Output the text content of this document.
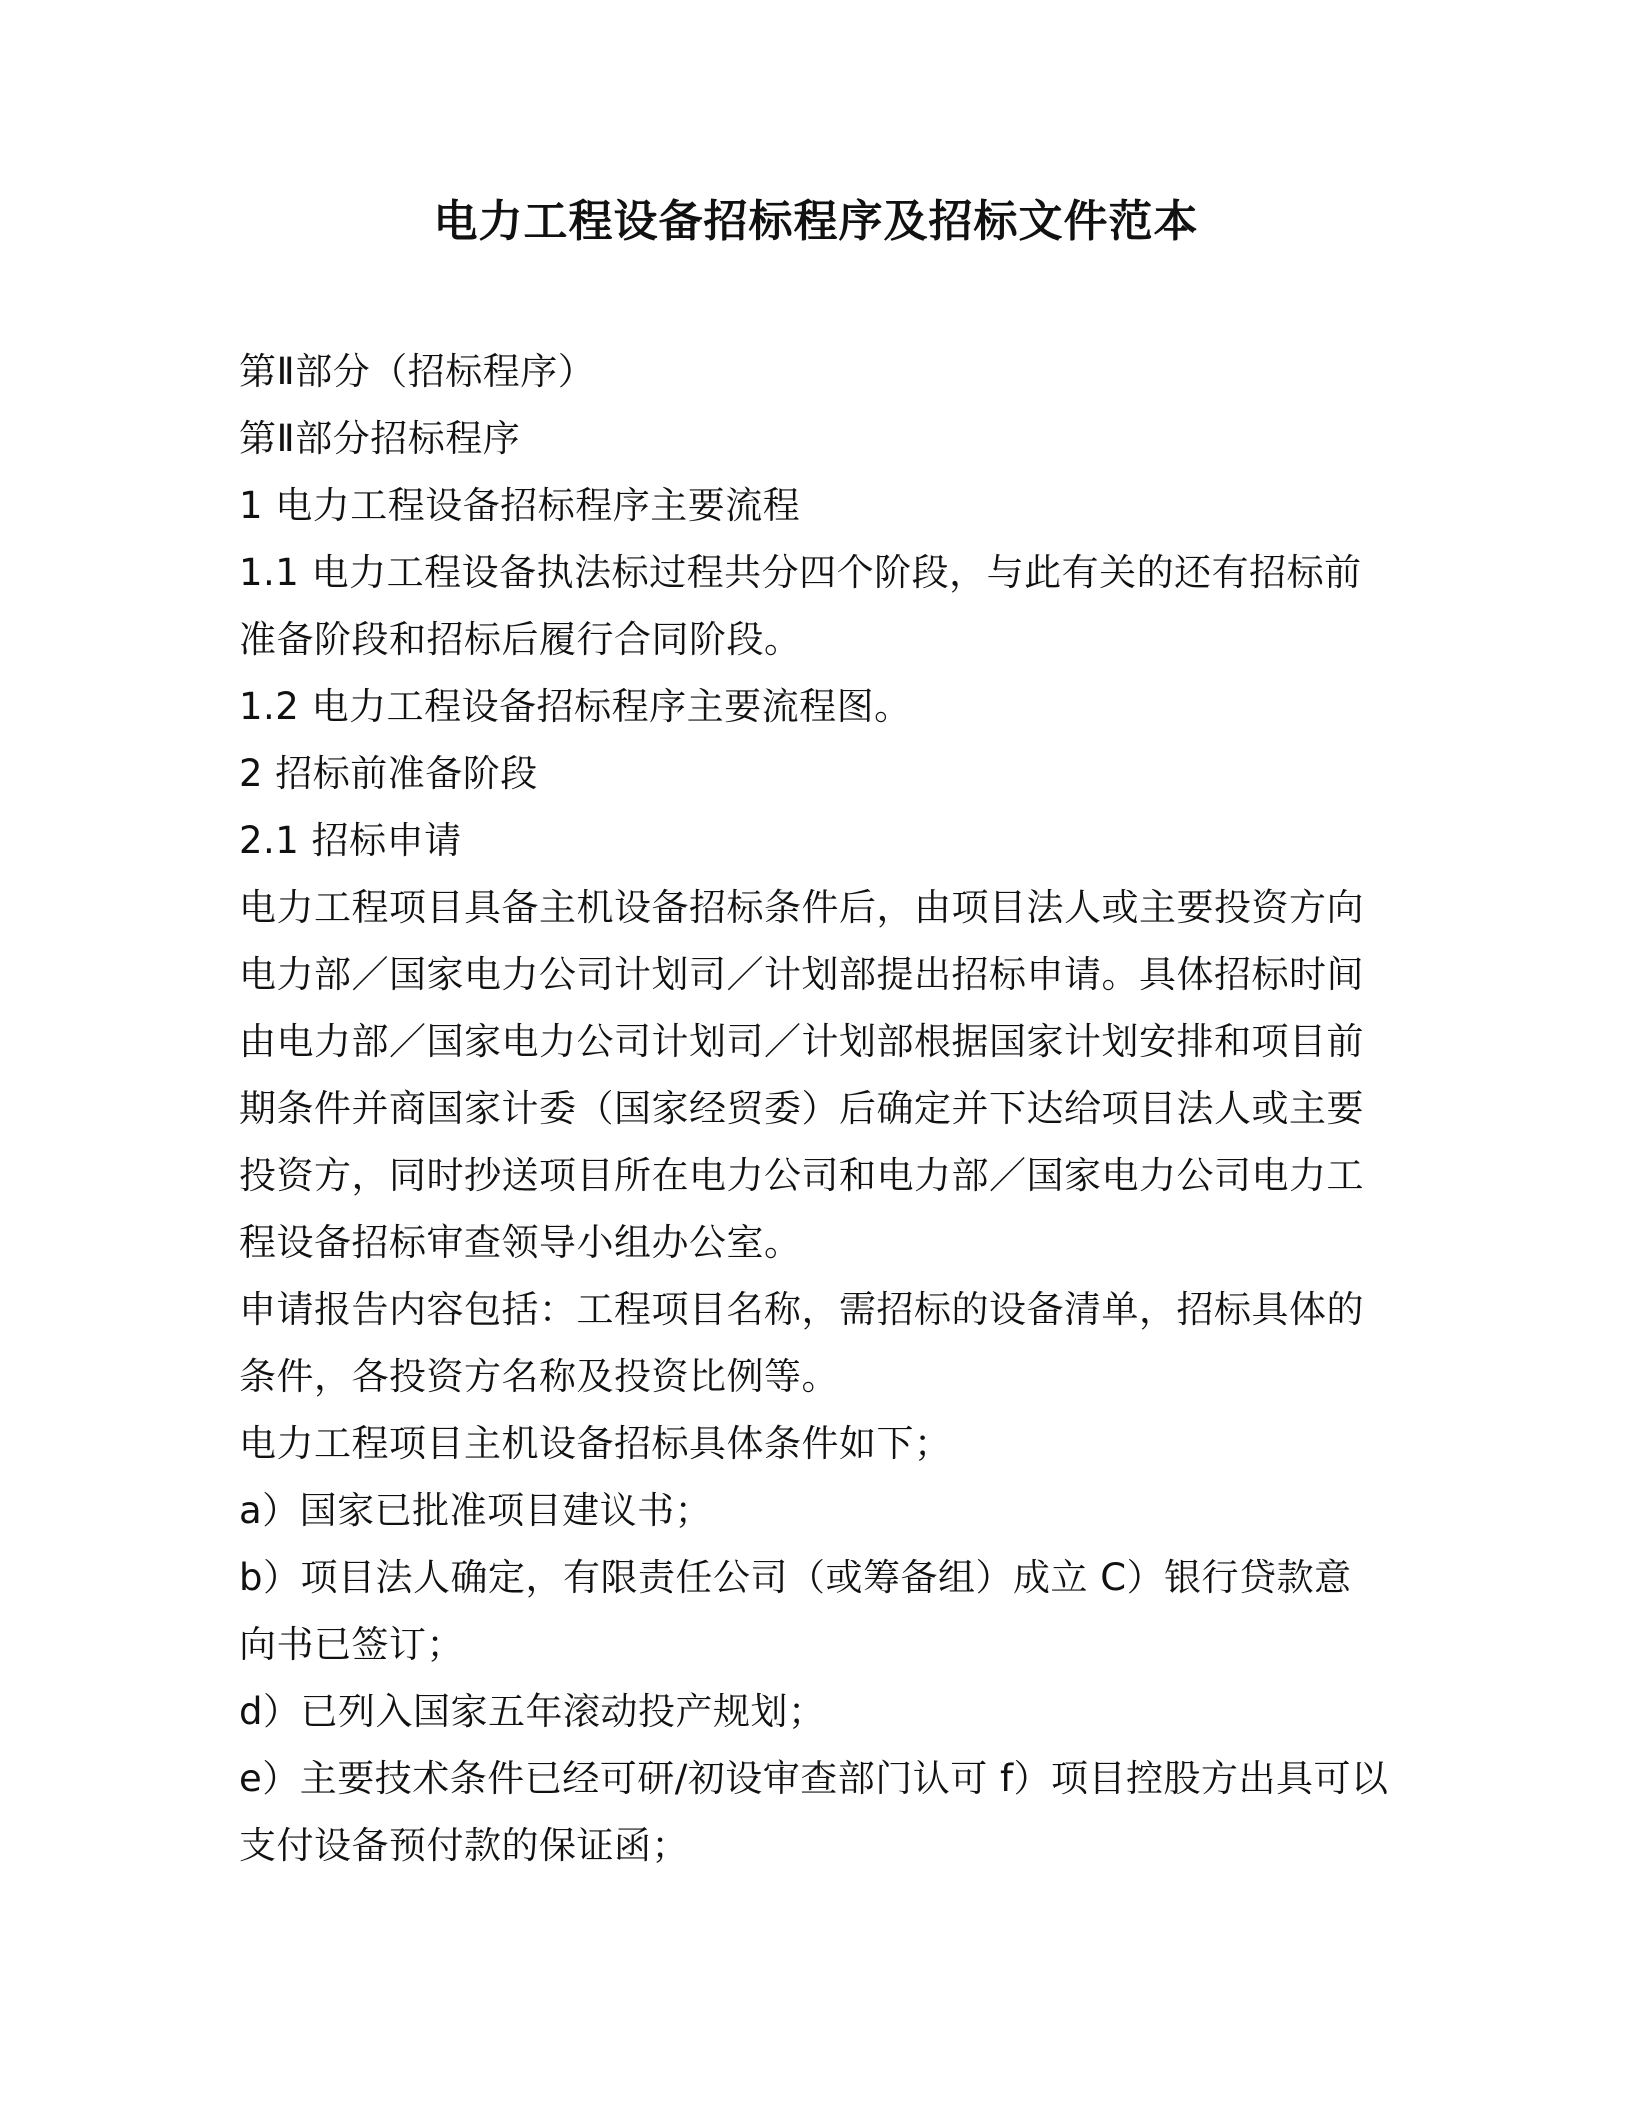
电力工程设备招标程序及招标文件范本

第Ⅱ部分（招标程序）

第Ⅱ部分招标程序

1 电力工程设备招标程序主要流程

1.1 电力工程设备执法标过程共分四个阶段，与此有关的还有招标前准备阶段和招标后履行合同阶段。

1.2 电力工程设备招标程序主要流程图。

2 招标前准备阶段

2.1 招标申请

电力工程项目具备主机设备招标条件后，由项目法人或主要投资方向电力部／国家电力公司计划司／计划部提出招标申请。具体招标时间由电力部／国家电力公司计划司／计划部根据国家计划安排和项目前期条件并商国家计委（国家经贸委）后确定并下达给项目法人或主要投资方，同时抄送项目所在电力公司和电力部／国家电力公司电力工程设备招标审查领导小组办公室。

申请报告内容包括：工程项目名称，需招标的设备清单，招标具体的条件，各投资方名称及投资比例等。

电力工程项目主机设备招标具体条件如下；

a）国家已批准项目建议书；

b）项目法人确定，有限责任公司（或筹备组）成立 C）银行贷款意向书已签订；

d）已列入国家五年滚动投产规划；

e）主要技术条件已经可研/初设审查部门认可 f）项目控股方出具可以支付设备预付款的保证函；
